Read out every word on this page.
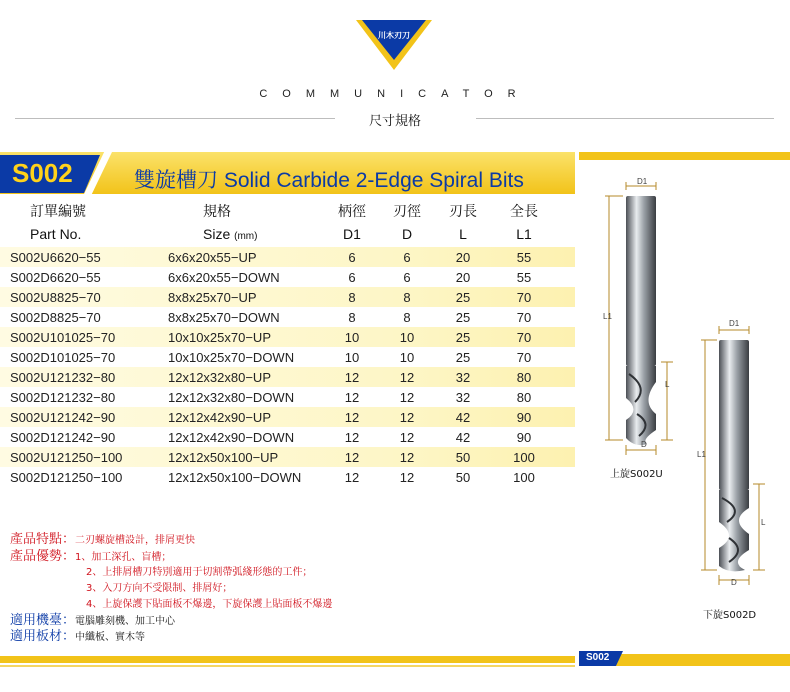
川木刃刀
COMMUNICATOR
尺寸規格
S002	雙旋槽刀 Solid Carbide 2-Edge Spiral Bits
訂單編號	規格	柄徑	刃徑	刃長	全長
Part No.	Size (mm)	D1	D	L	L1
S002U6620−55	6x6x20x55−UP	6	6	20	55
S002D6620−55	6x6x20x55−DOWN	6	6	20	55
S002U8825−70	8x8x25x70−UP	8	8	25	70
S002D8825−70	8x8x25x70−DOWN	8	8	25	70
S002U101025−70	10x10x25x70−UP	10	10	25	70
S002D101025−70	10x10x25x70−DOWN	10	10	25	70
S002U121232−80	12x12x32x80−UP	12	12	32	80
S002D121232−80	12x12x32x80−DOWN	12	12	32	80
S002U121242−90	12x12x42x90−UP	12	12	42	90
S002D121242−90	12x12x42x90−DOWN	12	12	42	90
S002U121250−100	12x12x50x100−UP	12	12	50	100
S002D121250−100	12x12x50x100−DOWN	12	12	50	100
產品特點：二刃螺旋槽設計，排屑更快
產品優勢：1、加工深孔、盲槽；
2、上排屑槽刀特別適用于切割帶弧綫形態的工件；
3、入刀方向不受限制、排屑好；
4、上旋保護下貼面板不爆邊，下旋保護上貼面板不爆邊
適用機臺：電腦雕刻機、加工中心
適用板材：中纖板、實木等
D1
L1
L
D
D1
L1
L
D
上旋S002U
下旋S002D
S002
